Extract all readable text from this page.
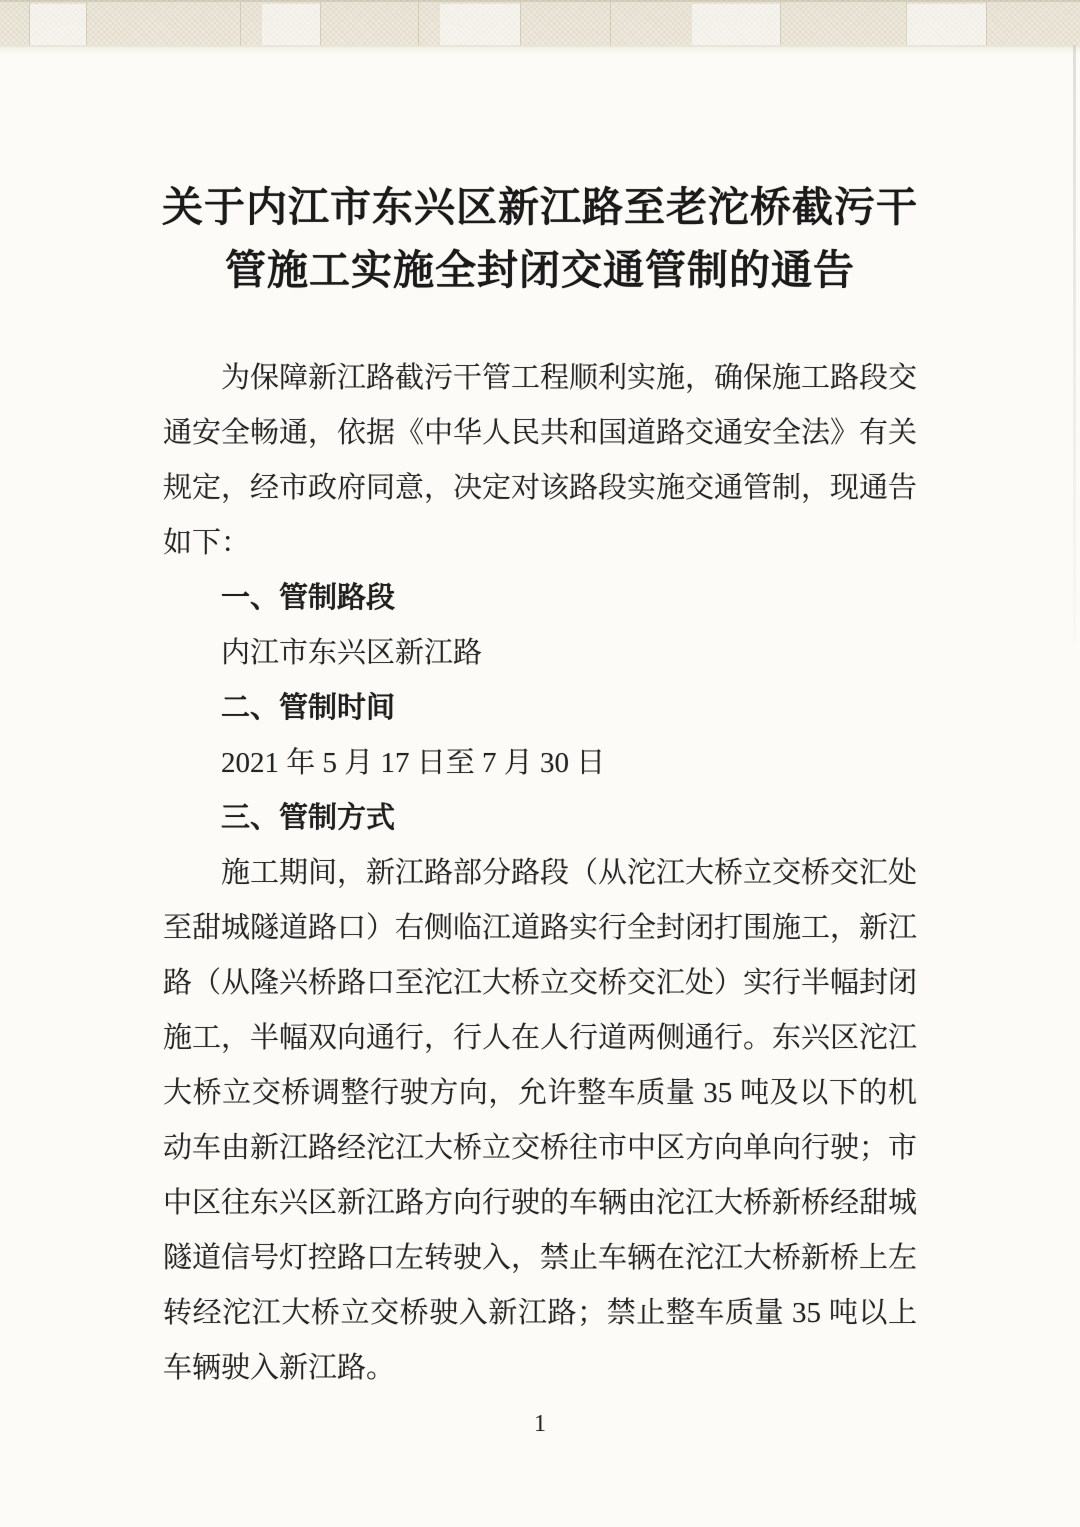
关于内江市东兴区新江路至老沱桥截污干
管施工实施全封闭交通管制的通告

为保障新江路截污干管工程顺利实施，确保施工路段交通安全畅通，依据《中华人民共和国道路交通安全法》有关规定，经市政府同意，决定对该路段实施交通管制，现通告如下：

一、管制路段

内江市东兴区新江路

二、管制时间

2021 年 5 月 17 日至 7 月 30 日

三、管制方式

施工期间，新江路部分路段（从沱江大桥立交桥交汇处至甜城隧道路口）右侧临江道路实行全封闭打围施工，新江路（从隆兴桥路口至沱江大桥立交桥交汇处）实行半幅封闭施工，半幅双向通行，行人在人行道两侧通行。东兴区沱江大桥立交桥调整行驶方向，允许整车质量 35 吨及以下的机动车由新江路经沱江大桥立交桥往市中区方向单向行驶；市中区往东兴区新江路方向行驶的车辆由沱江大桥新桥经甜城隧道信号灯控路口左转驶入，禁止车辆在沱江大桥新桥上左转经沱江大桥立交桥驶入新江路；禁止整车质量 35 吨以上车辆驶入新江路。

1
